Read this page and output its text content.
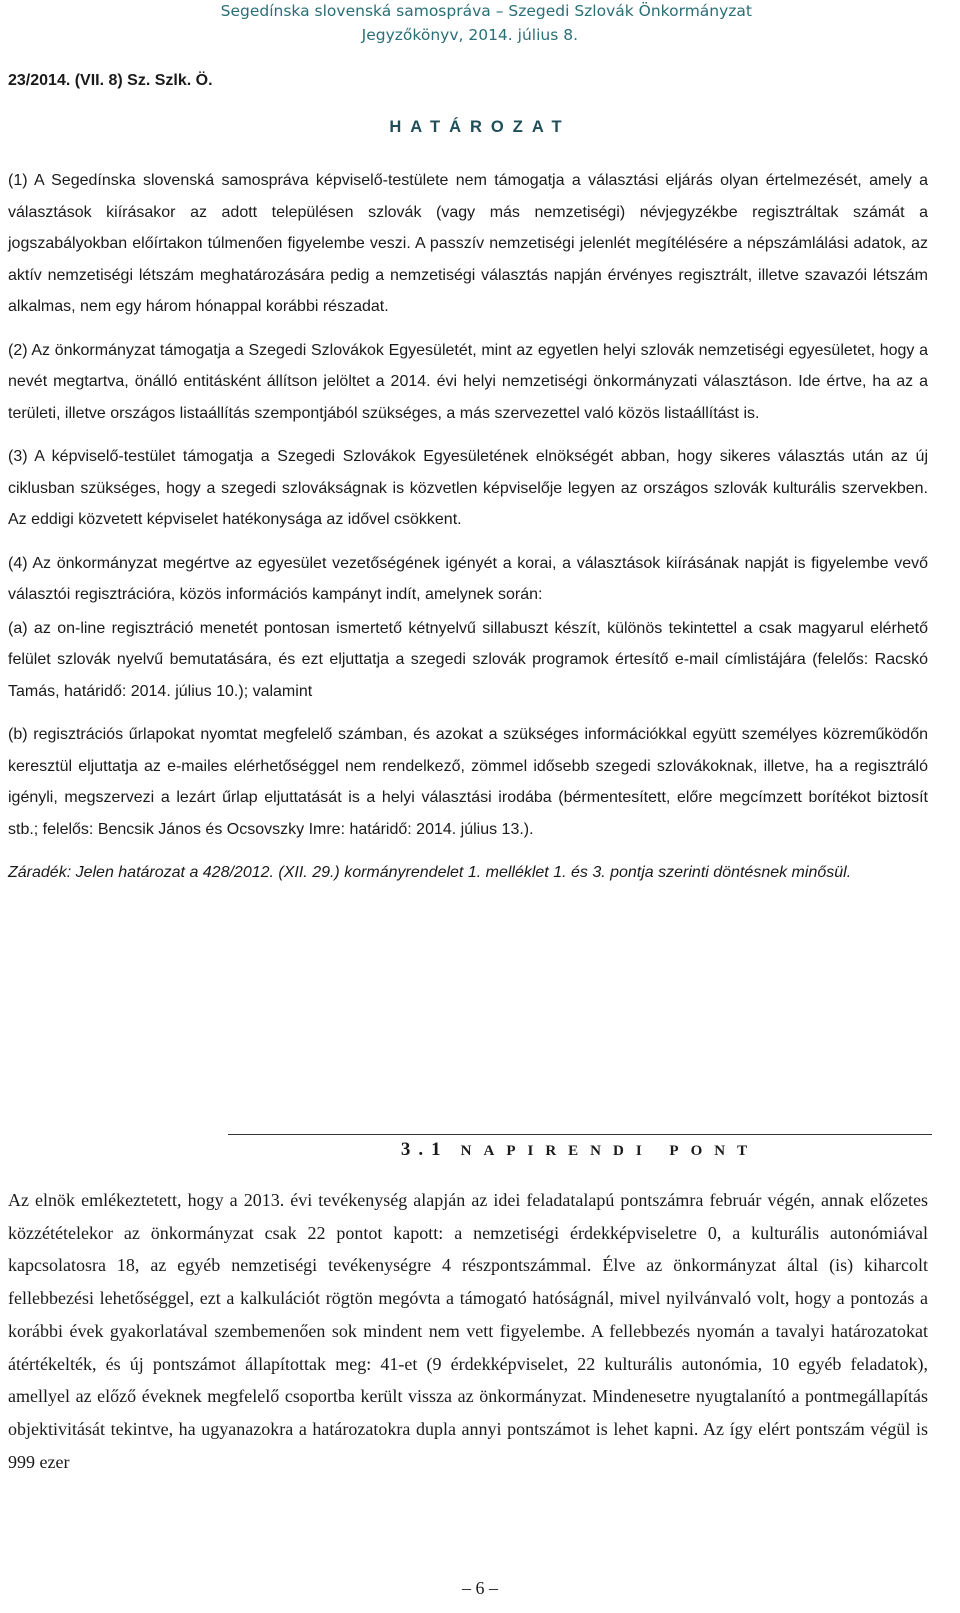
Segedínska slovenská samospráva – Szegedi Szlovák Önkormányzat
Jegyzőkönyv, 2014. július 8.
23/2014. (VII. 8) Sz. Szlk. Ö.
HATÁROZAT

(1) A Segedínska slovenská samospráva képviselő-testülete nem támogatja a választási eljárás olyan értelmezését, amely a választások kiírásakor az adott településen szlovák (vagy más nemzetiségi) névjegyzékbe regisztráltak számát a jogszabályokban előírtakon túlmenően figyelembe veszi. A passzív nemzetiségi jelenlét megítélésére a népszámlálási adatok, az aktív nemzetiségi létszám meghatározására pedig a nemzetiségi választás napján érvényes regisztrált, illetve szavazói létszám alkalmas, nem egy három hónappal korábbi részadat.

(2) Az önkormányzat támogatja a Szegedi Szlovákok Egyesületét, mint az egyetlen helyi szlovák nemzetiségi egyesületet, hogy a nevét megtartva, önálló entitásként állítson jelöltet a 2014. évi helyi nemzetiségi önkormányzati választáson. Ide értve, ha az a területi, illetve országos listaállítás szempontjából szükséges, a más szervezettel való közös listaállítást is.

(3) A képviselő-testület támogatja a Szegedi Szlovákok Egyesületének elnökségét abban, hogy sikeres választás után az új ciklusban szükséges, hogy a szegedi szlovákságnak is közvetlen képviselője legyen az országos szlovák kulturális szervekben. Az eddigi közvetett képviselet hatékonysága az idővel csökkent.

(4) Az önkormányzat megértve az egyesület vezetőségének igényét a korai, a választások kiírásának napját is figyelembe vevő választói regisztrációra, közös információs kampányt indít, amelynek során:

(a) az on-line regisztráció menetét pontosan ismertető kétnyelvű sillabuszt készít, különös tekintettel a csak magyarul elérhető felület szlovák nyelvű bemutatására, és ezt eljuttatja a szegedi szlovák programok értesítő e-mail címlistájára (felelős: Racskó Tamás, határidő: 2014. július 10.); valamint

(b) regisztrációs űrlapokat nyomtat megfelelő számban, és azokat a szükséges információkkal együtt személyes közreműködőn keresztül eljuttatja az e-mailes elérhetőséggel nem rendelkező, zömmel idősebb szegedi szlovákoknak, illetve, ha a regisztráló igényli, megszervezi a lezárt űrlap eljuttatását is a helyi választási irodába (bérmentesített, előre megcímzett borítékot biztosít stb.; felelős: Bencsik János és Ocsovszky Imre: határidő: 2014. július 13.).

Záradék: Jelen határozat a 428/2012. (XII. 29.) kormányrendelet 1. melléklet 1. és 3. pontja szerinti döntésnek minősül.

3.1 NAPIRENDI PONT
Az elnök emlékeztetett, hogy a 2013. évi tevékenység alapján az idei feladatalapú pontszámra február végén, annak előzetes közzétételekor az önkormányzat csak 22 pontot kapott: a nemzetiségi érdekképviseletre 0, a kulturális autonómiával kapcsolatosra 18, az egyéb nemzetiségi tevékenységre 4 részpontszámmal. Élve az önkormányzat által (is) kiharcolt fellebbezési lehetőséggel, ezt a kalkulációt rögtön megóvta a támogató hatóságnál, mivel nyilvánvaló volt, hogy a pontozás a korábbi évek gyakorlatával szembemenően sok mindent nem vett figyelembe. A fellebbezés nyomán a tavalyi határozatokat átértékelték, és új pontszámot állapítottak meg: 41-et (9 érdekképviselet, 22 kulturális autonómia, 10 egyéb feladatok), amellyel az előző éveknek megfelelő csoportba került vissza az önkormányzat. Mindenesetre nyugtalanító a pontmegállapítás objektivitását tekintve, ha ugyanazokra a határozatokra dupla annyi pontszámot is lehet kapni. Az így elért pontszám végül is 999 ezer
– 6 –
